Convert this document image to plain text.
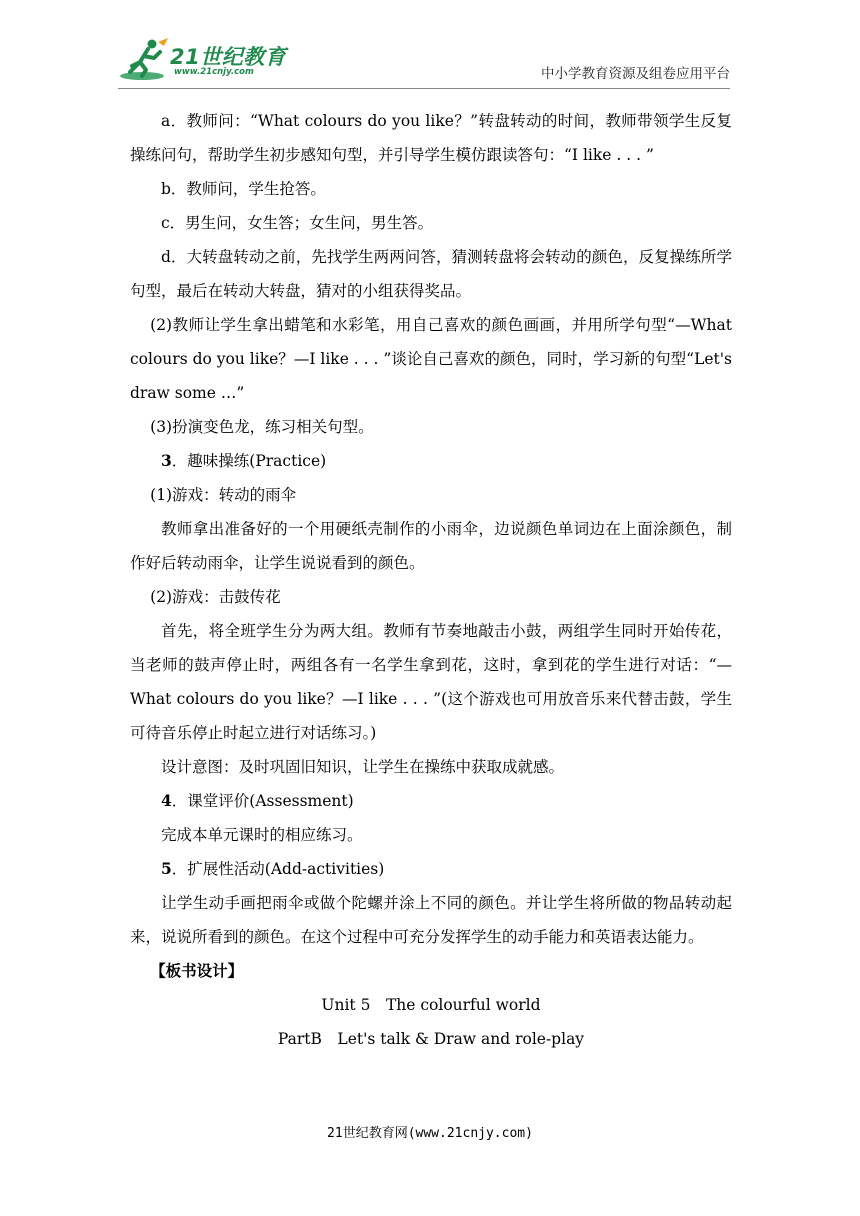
21世纪教育
www.21cnjy.com	中小学教育资源及组卷应用平台

a．教师问：“What colours do you like？”转盘转动的时间，教师带领学生反复操练问句，帮助学生初步感知句型，并引导学生模仿跟读答句：“I like . . . ”

b．教师问，学生抢答。

c．男生问，女生答；女生问，男生答。

d．大转盘转动之前，先找学生两两问答，猜测转盘将会转动的颜色，反复操练所学句型，最后在转动大转盘，猜对的小组获得奖品。

(2)教师让学生拿出蜡笔和水彩笔，用自己喜欢的颜色画画，并用所学句型“—What colours do you like？—I like . . . ”谈论自己喜欢的颜色，同时，学习新的句型“Let's draw some …”

(3)扮演变色龙，练习相关句型。

3．趣味操练(Practice)

(1)游戏：转动的雨伞

教师拿出准备好的一个用硬纸壳制作的小雨伞，边说颜色单词边在上面涂颜色，制作好后转动雨伞，让学生说说看到的颜色。

(2)游戏：击鼓传花

首先，将全班学生分为两大组。教师有节奏地敲击小鼓，两组学生同时开始传花，当老师的鼓声停止时，两组各有一名学生拿到花，这时，拿到花的学生进行对话：“—What colours do you like？—I like . . . ”(这个游戏也可用放音乐来代替击鼓，学生可待音乐停止时起立进行对话练习。)

设计意图：及时巩固旧知识，让学生在操练中获取成就感。

4．课堂评价(Assessment)

完成本单元课时的相应练习。

5．扩展性活动(Add-activities)

让学生动手画把雨伞或做个陀螺并涂上不同的颜色。并让学生将所做的物品转动起来，说说所看到的颜色。在这个过程中可充分发挥学生的动手能力和英语表达能力。

【板书设计】

Unit 5　The colourful world

PartB　Let's talk & Draw and role-play

21世纪教育网(www.21cnjy.com)
